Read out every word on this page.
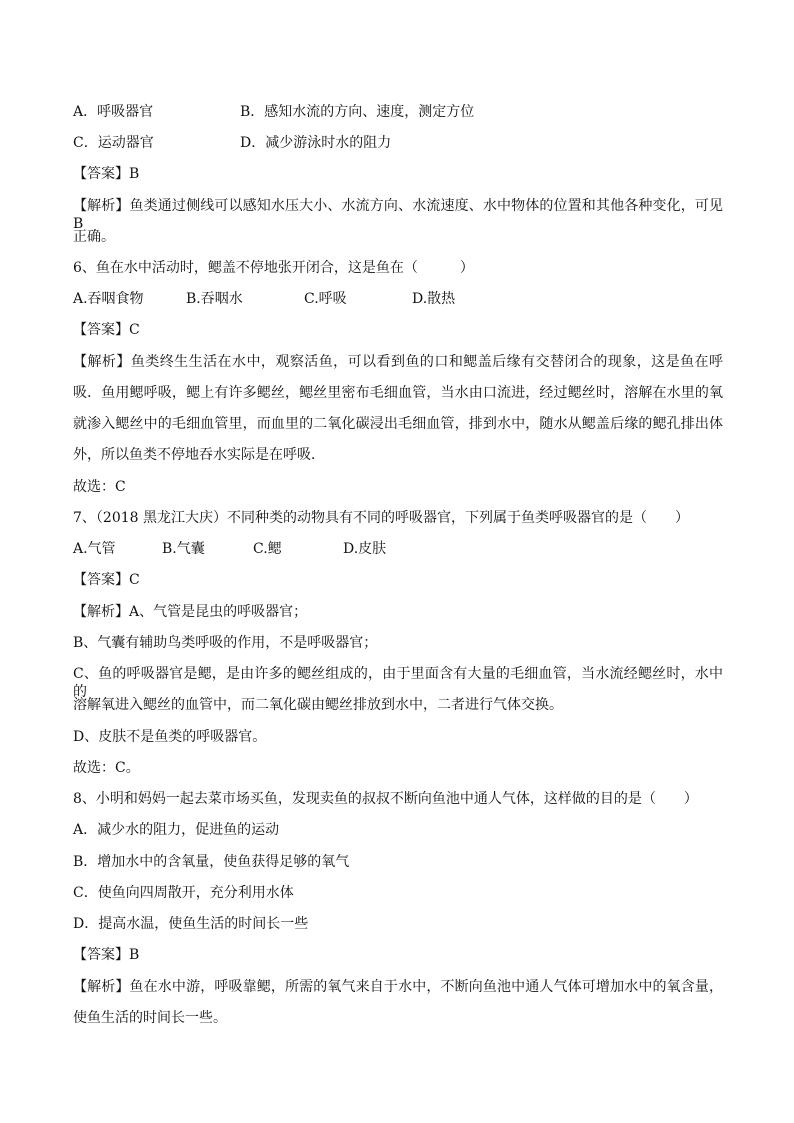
A．呼吸器官	B．感知水流的方向、速度，测定方位
C．运动器官	D．减少游泳时水的阻力
【答案】B
【解析】鱼类通过侧线可以感知水压大小、水流方向、水流速度、水中物体的位置和其他各种变化，可见B
正确。
6、鱼在水中活动时，鳃盖不停地张开闭合，这是鱼在（　　　）
A.吞咽食物	B.吞咽水	C.呼吸	D.散热
【答案】C
【解析】鱼类终生生活在水中，观察活鱼，可以看到鱼的口和鳃盖后缘有交替闭合的现象，这是鱼在呼
吸．鱼用鳃呼吸，鳃上有许多鳃丝，鳃丝里密布毛细血管，当水由口流进，经过鳃丝时，溶解在水里的氧
就渗入鳃丝中的毛细血管里，而血里的二氧化碳浸出毛细血管，排到水中，随水从鳃盖后缘的鳃孔排出体
外，所以鱼类不停地吞水实际是在呼吸．
故选：C
7、（2018 黑龙江大庆）不同种类的动物具有不同的呼吸器官，下列属于鱼类呼吸器官的是（　　）
A.气管	B.气囊	C.鳃	D.皮肤
【答案】C
【解析】A、气管是昆虫的呼吸器官；
B、气囊有辅助鸟类呼吸的作用，不是呼吸器官；
C、鱼的呼吸器官是鳃，是由许多的鳃丝组成的，由于里面含有大量的毛细血管，当水流经鳃丝时，水中的
溶解氧进入鳃丝的血管中，而二氧化碳由鳃丝排放到水中，二者进行气体交换。
D、皮肤不是鱼类的呼吸器官。
故选：C。
8、小明和妈妈一起去菜市场买鱼，发现卖鱼的叔叔不断向鱼池中通人气体，这样做的目的是（　　）
A．减少水的阻力，促进鱼的运动
B．增加水中的含氧量，使鱼获得足够的氧气
C．使鱼向四周散开，充分利用水体
D．提高水温，使鱼生活的时间长一些
【答案】B
【解析】鱼在水中游，呼吸靠鳃，所需的氧气来自于水中，不断向鱼池中通人气体可增加水中的氧含量，
使鱼生活的时间长一些。
